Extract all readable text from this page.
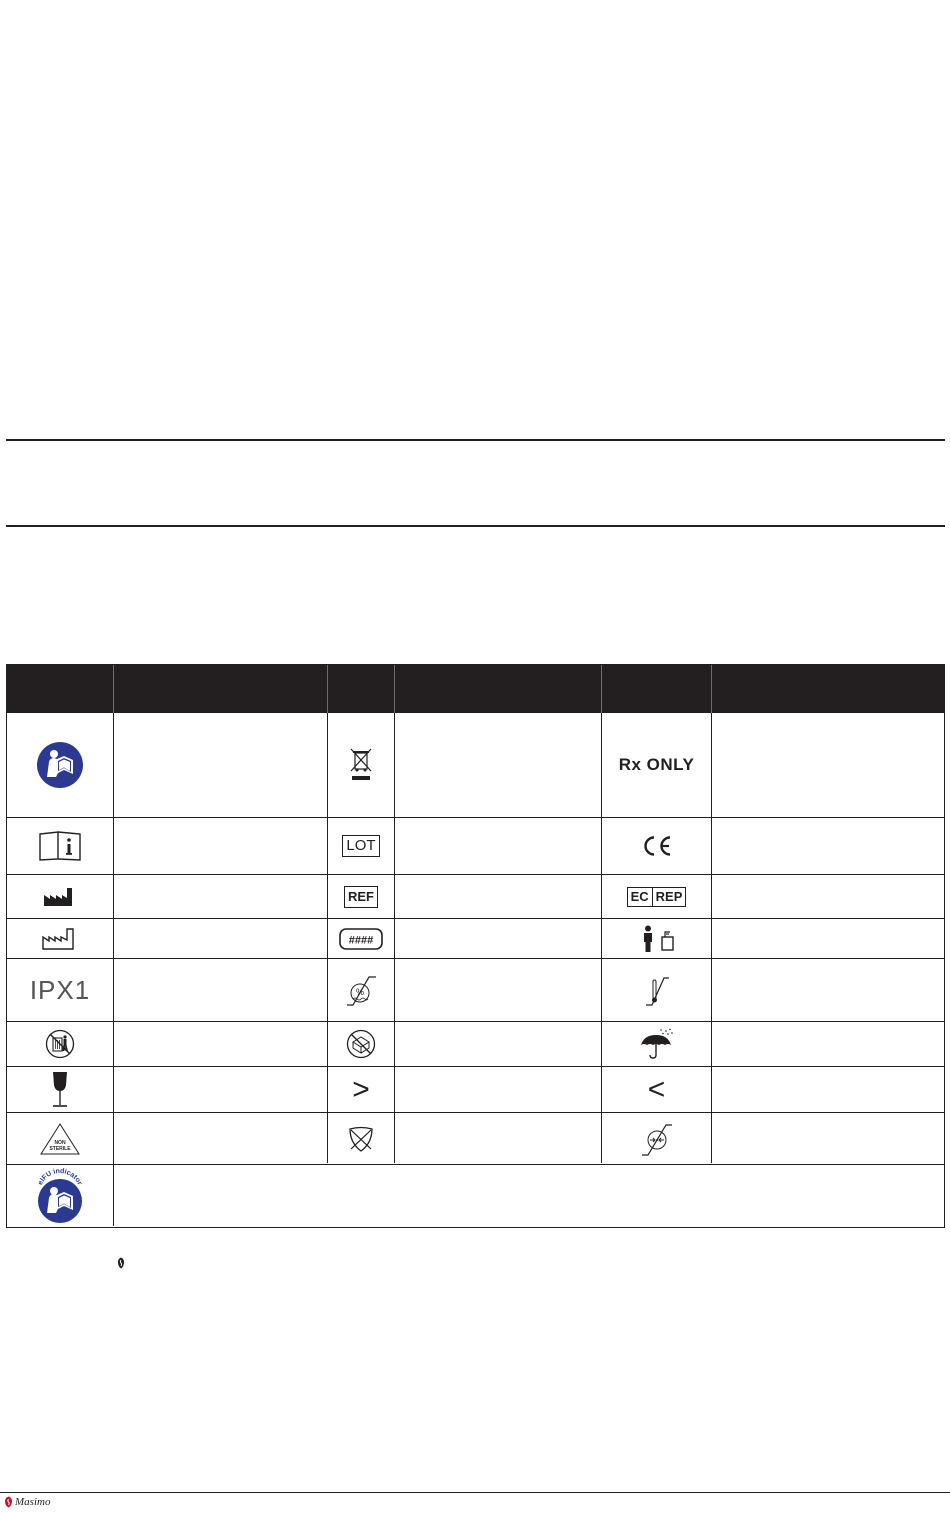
Rx ONLY
LOT
REF	EC REP
####
IPX1	%
>	<
NON
STERILE
eIFU indicator
Masimo
